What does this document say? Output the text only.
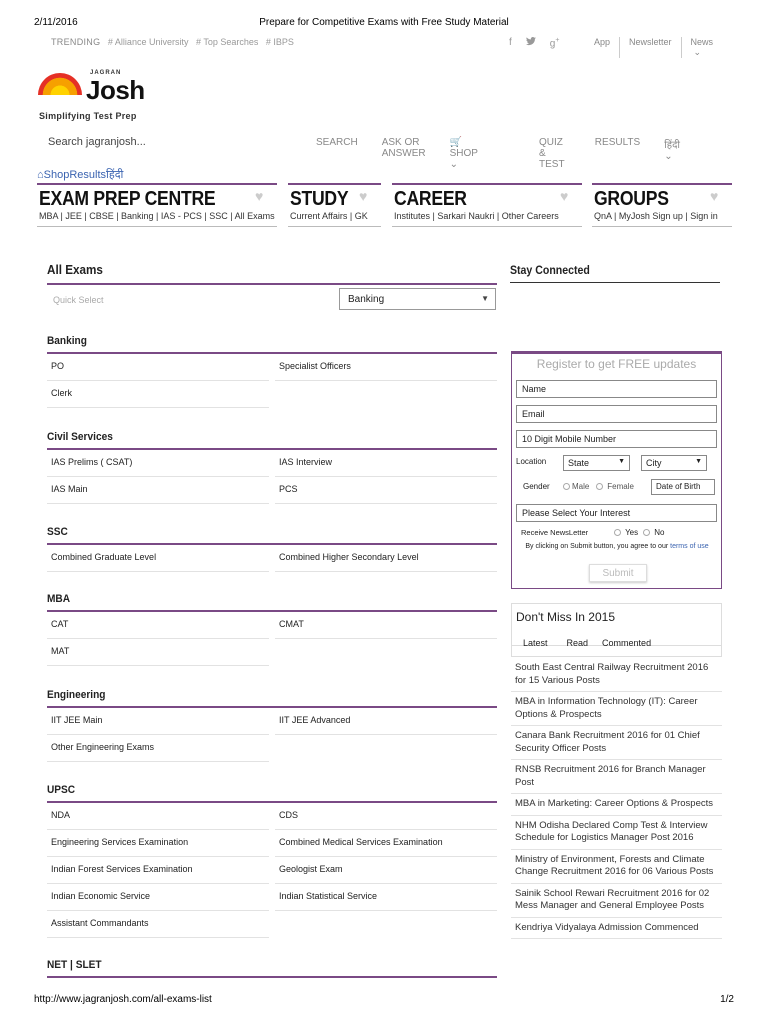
2/11/2016	Prepare for Competitive Exams with Free Study Material
http://www.jagranjosh.com/all-exams-list	1/2
TRENDING # Alliance University # Top Searches # IBPS	f	g+	App	Newsletter	News ⌄
JAGRAN
Josh
Simplifying Test Prep
Search jagranjosh...	SEARCH ASK OR ANSWER
🛒 SHOP ⌄
QUIZ & TEST
RESULTS हिंदी ⌄
⌂ShopResultsहिंदी
EXAM PREP CENTRE
MBA | JEE | CBSE | Banking | IAS - PCS | SSC | All Exams
♥	STUDY
Current Affairs | GK
♥	CAREER
Institutes | Sarkari Naukri | Other Careers
♥	GROUPS
QnA | MyJosh Sign up | Sign in
♥
All Exams
Quick Select	Banking	▼
Banking
PO	Specialist Officers
Clerk
Civil Services
IAS Prelims ( CSAT)	IAS Interview
IAS Main	PCS
SSC
Combined Graduate Level	Combined Higher Secondary Level
MBA
CAT	CMAT
MAT
Engineering
IIT JEE Main	IIT JEE Advanced
Other Engineering Exams
UPSC
NDA	CDS
Engineering Services Examination	Combined Medical Services Examination
Indian Forest Services Examination	Geologist Exam
Indian Economic Service	Indian Statistical Service
Assistant Commandants
NET | SLET
Stay Connected
Register to get FREE updates
Name
Email
10 Digit Mobile Number
Location	State	▼	City	▼
Gender	Male	Female	Date of Birth
Please Select Your Interest
Receive NewsLetter	Yes	No
By clicking on Submit button, you agree to our terms of use
Submit
Don't Miss In 2015
Latest Read Commented
South East Central Railway Recruitment 2016 for 15 Various Posts
MBA in Information Technology (IT): Career Options & Prospects
Canara Bank Recruitment 2016 for 01 Chief Security Officer Posts
RNSB Recruitment 2016 for Branch Manager Post
MBA in Marketing: Career Options & Prospects
NHM Odisha Declared Comp Test & Interview Schedule for Logistics Manager Post 2016
Ministry of Environment, Forests and Climate Change Recruitment 2016 for 06 Various Posts
Sainik School Rewari Recruitment 2016 for 02 Mess Manager and General Employee Posts
Kendriya Vidyalaya Admission Commenced
